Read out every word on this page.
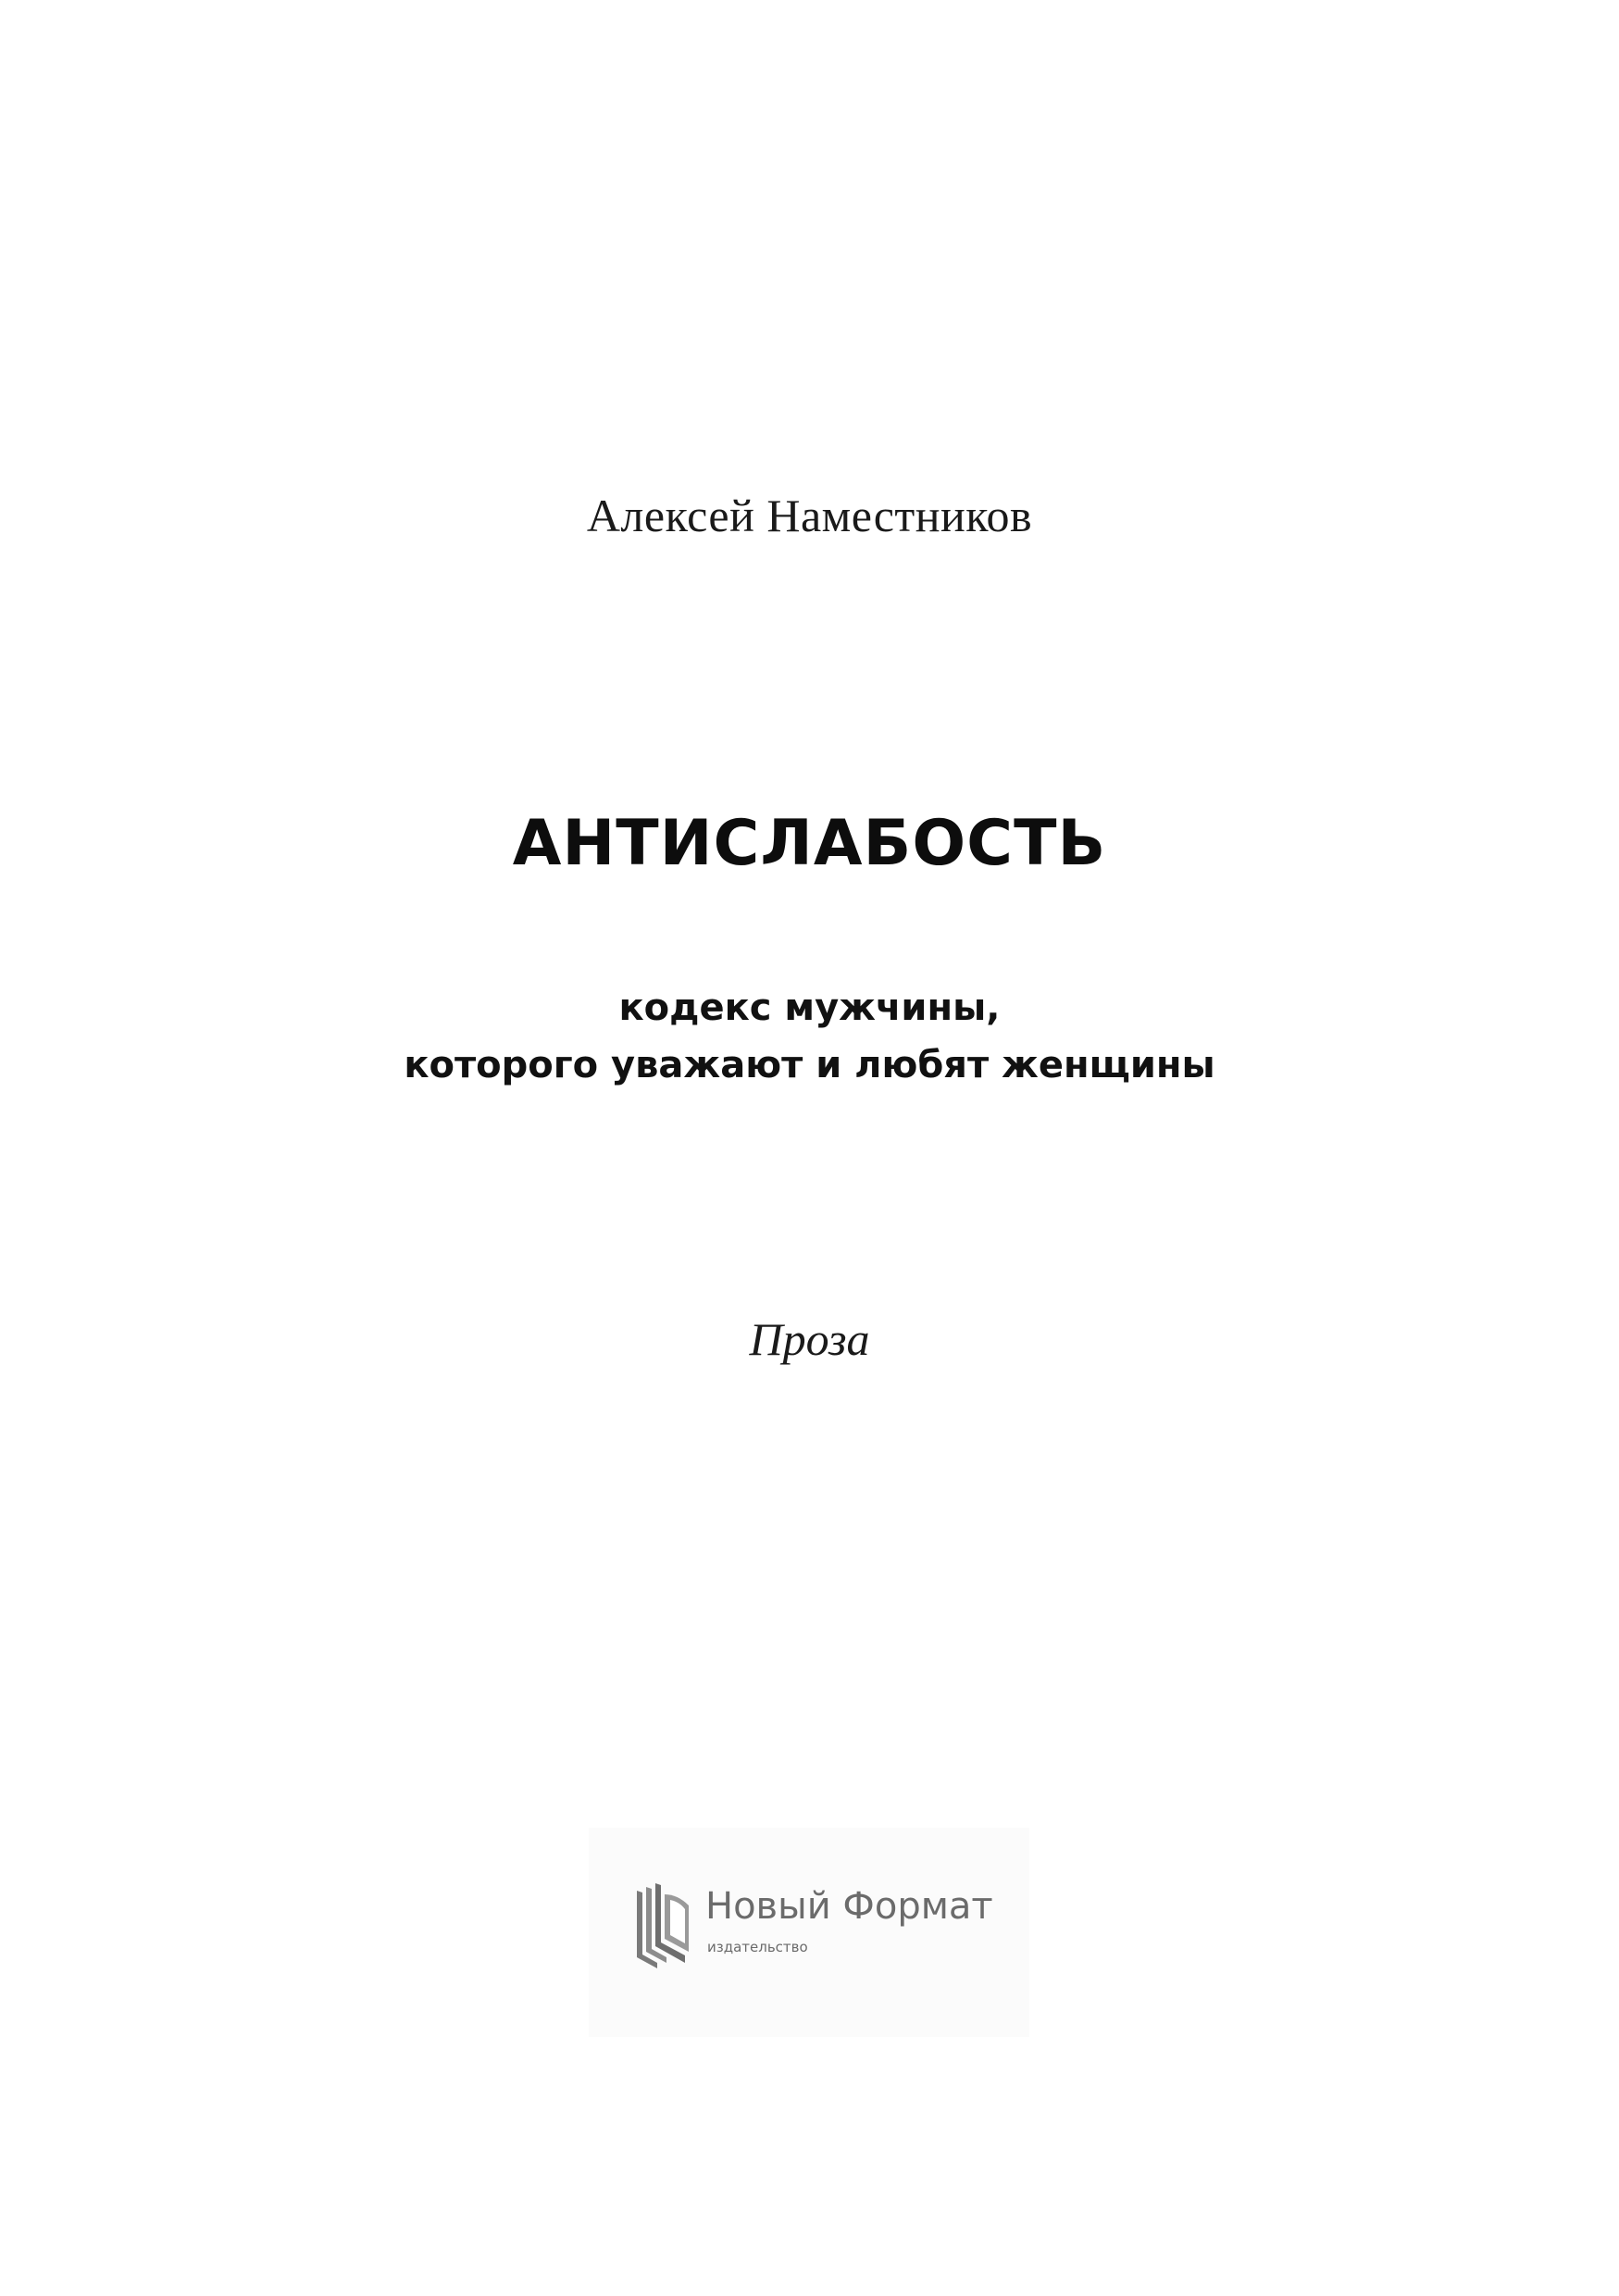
Алексей Наместников
АНТИСЛАБОСТЬ
кодекс мужчины,
которого уважают и любят женщины
Проза
Новый Формат
издательство
